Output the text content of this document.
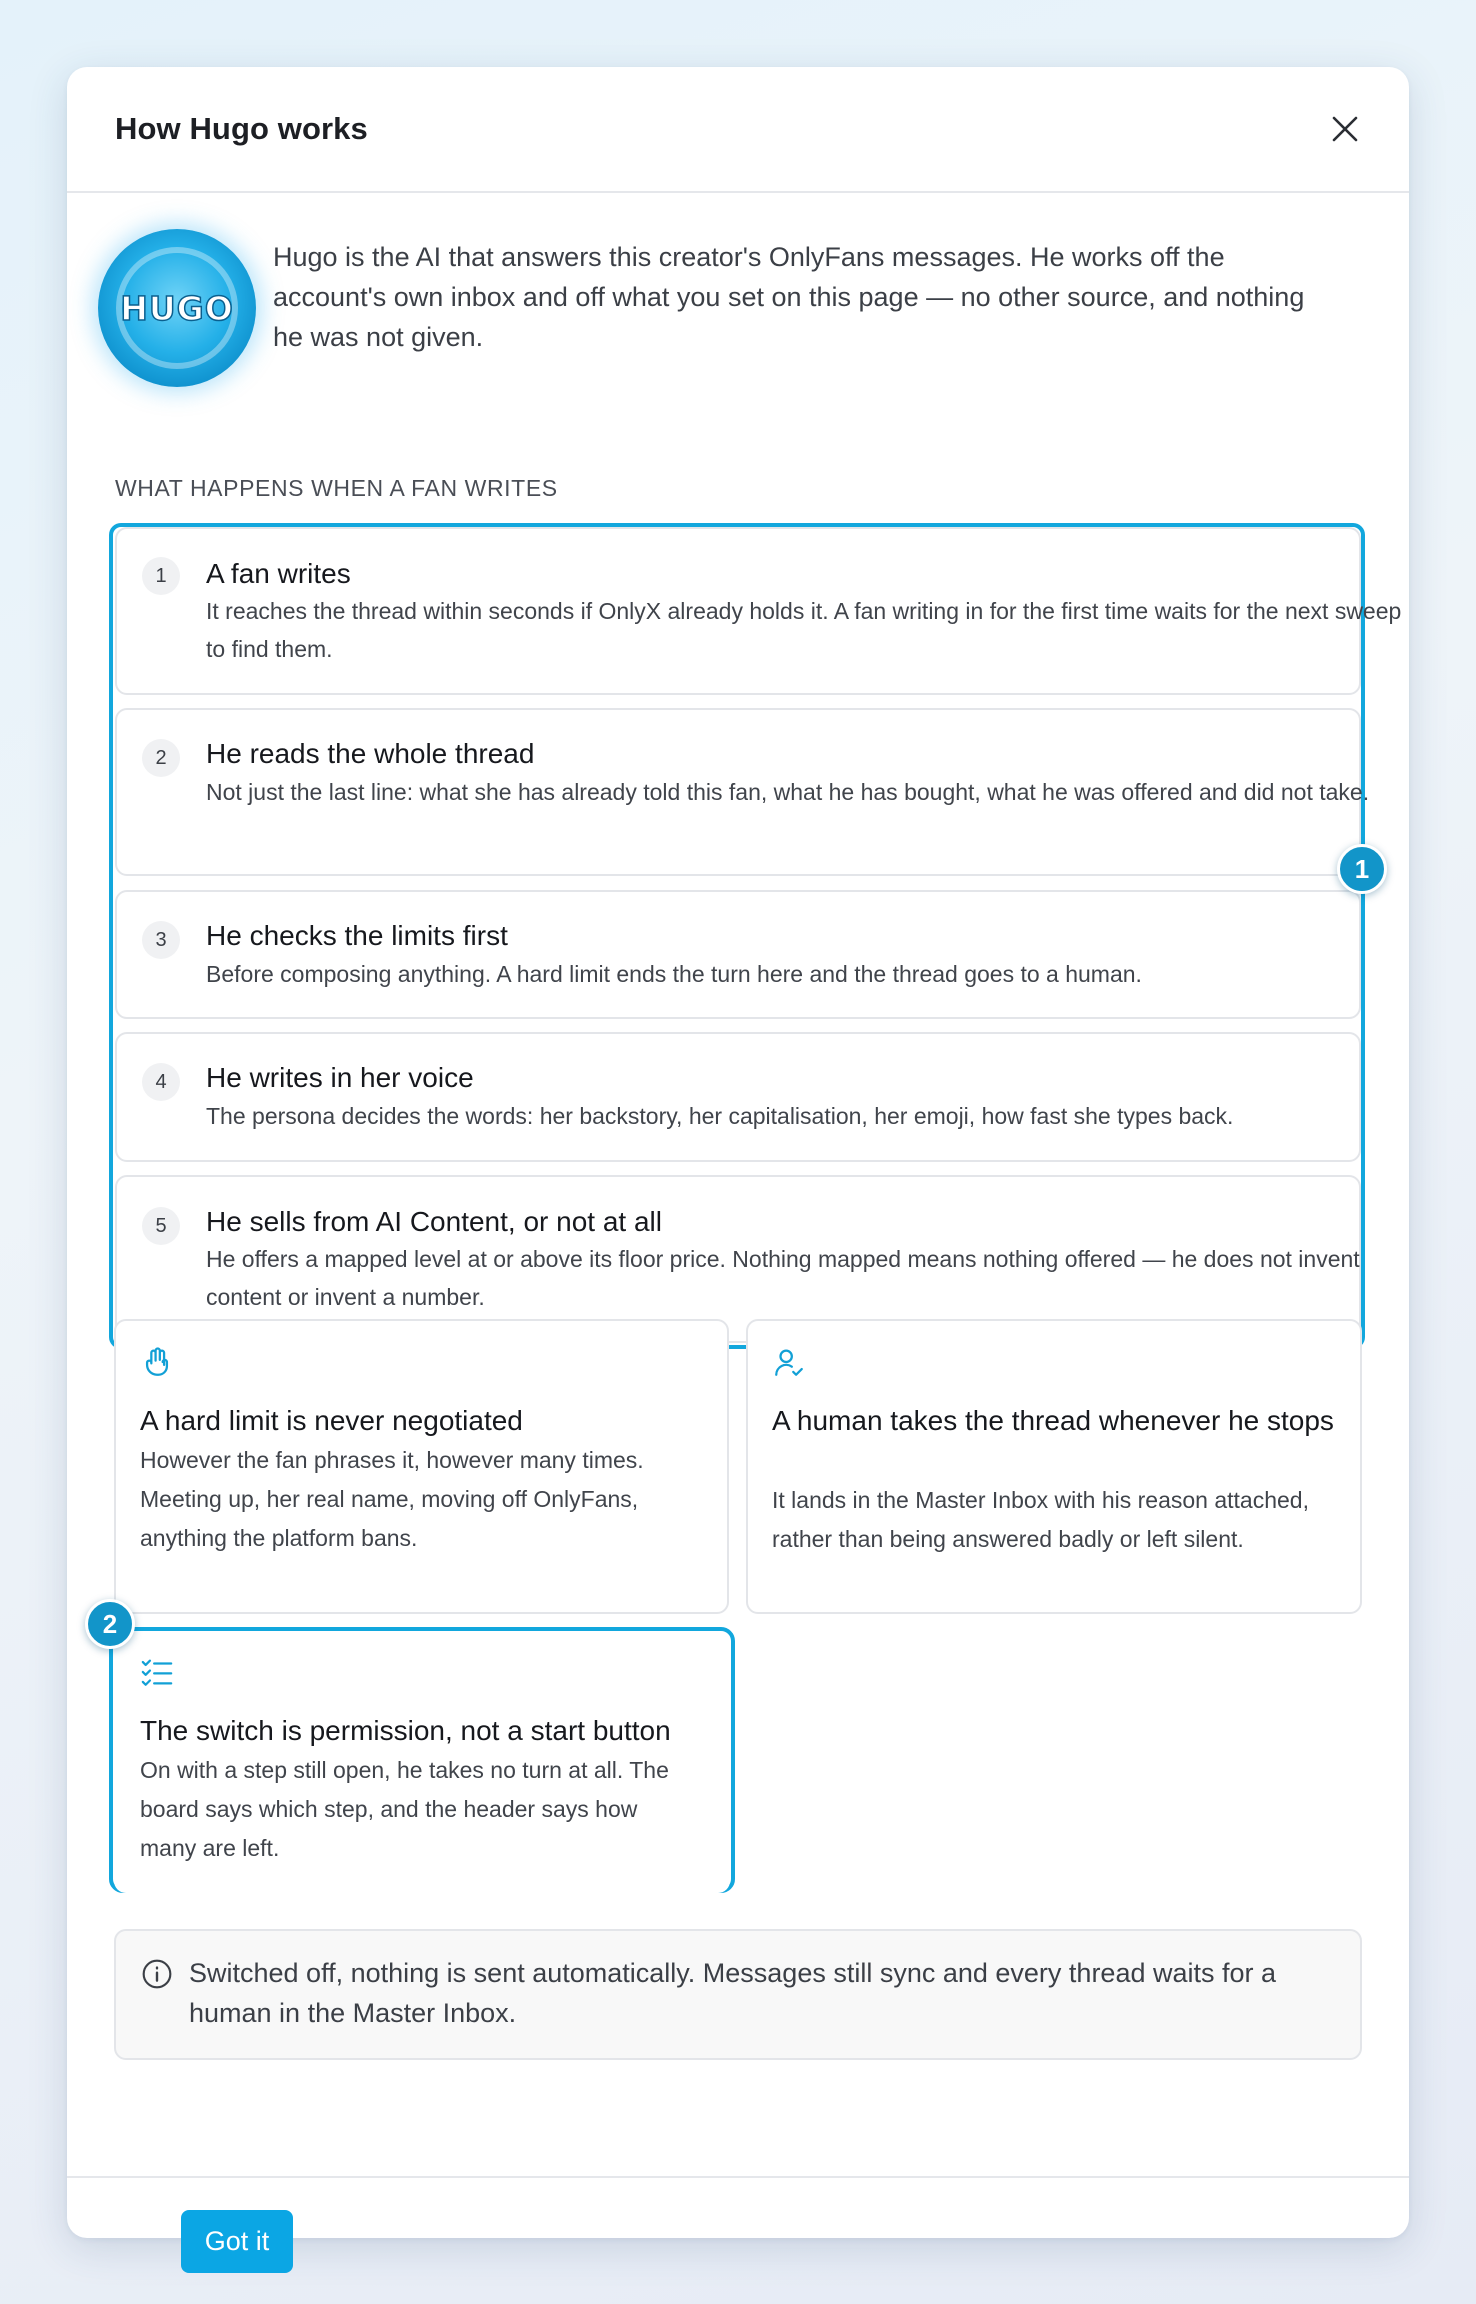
How Hugo works
HUGO
Hugo is the AI that answers this creator's OnlyFans messages. He works off the account's own inbox and off what you set on this page — no other source, and nothing he was not given.
WHAT HAPPENS WHEN A FAN WRITES
1	A fan writes
It reaches the thread within seconds if OnlyX already holds it. A fan writing in for the first time waits for the next sweep to find them.
2	He reads the whole thread
Not just the last line: what she has already told this fan, what he has bought, what he was offered and did not take.
3	He checks the limits first
Before composing anything. A hard limit ends the turn here and the thread goes to a human.
4	He writes in her voice
The persona decides the words: her backstory, her capitalisation, her emoji, how fast she types back.
5	He sells from AI Content, or not at all
He offers a mapped level at or above its floor price. Nothing mapped means nothing offered — he does not invent content or invent a number.
A hard limit is never negotiated
However the fan phrases it, however many times. Meeting up, her real name, moving off OnlyFans, anything the platform bans.
A human takes the thread whenever he stops
It lands in the Master Inbox with his reason attached, rather than being answered badly or left silent.
The switch is permission, not a start button
On with a step still open, he takes no turn at all. The board says which step, and the header says how many are left.
Got it
Switched off, nothing is sent automatically. Messages still sync and every thread waits for a human in the Master Inbox.
1
2
